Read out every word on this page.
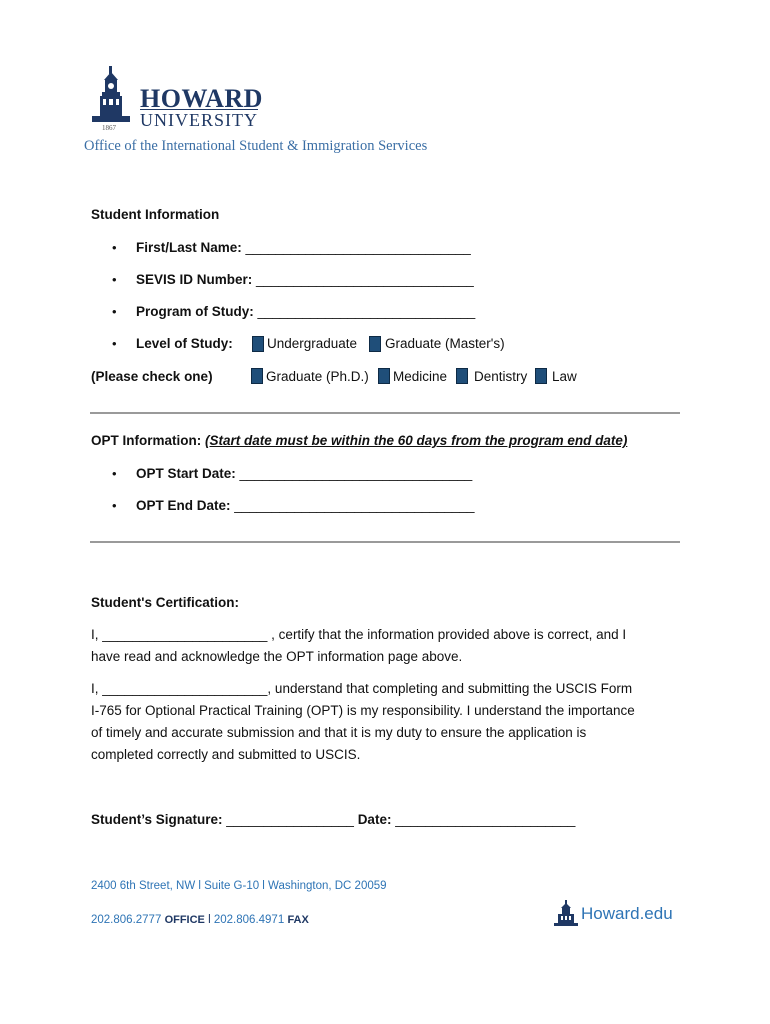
1867
HOWARD
UNIVERSITY
Office of the International Student & Immigration Services
Student Information
• First/Last Name: ______________________________
• SEVIS ID Number: _____________________________
• Program of Study: _____________________________
• Level of Study:	Undergraduate Graduate (Master's)
(Please check one)	Graduate (Ph.D.) Medicine Dentistry Law
OPT Information: (Start date must be within the 60 days from the program end date)
• OPT Start Date: _______________________________
• OPT End Date: ________________________________
Student's Certification:
I, ______________________ , certify that the information provided above is correct, and I
have read and acknowledge the OPT information page above.
I, ______________________, understand that completing and submitting the USCIS Form
I-765 for Optional Practical Training (OPT) is my responsibility. I understand the importance
of timely and accurate submission and that it is my duty to ensure the application is
completed correctly and submitted to USCIS.
Student’s Signature: _________________ Date: ________________________
2400 6th Street, NW l Suite G-10 l Washington, DC 20059
202.806.2777 OFFICE l 202.806.4971 FAX	Howard.edu
